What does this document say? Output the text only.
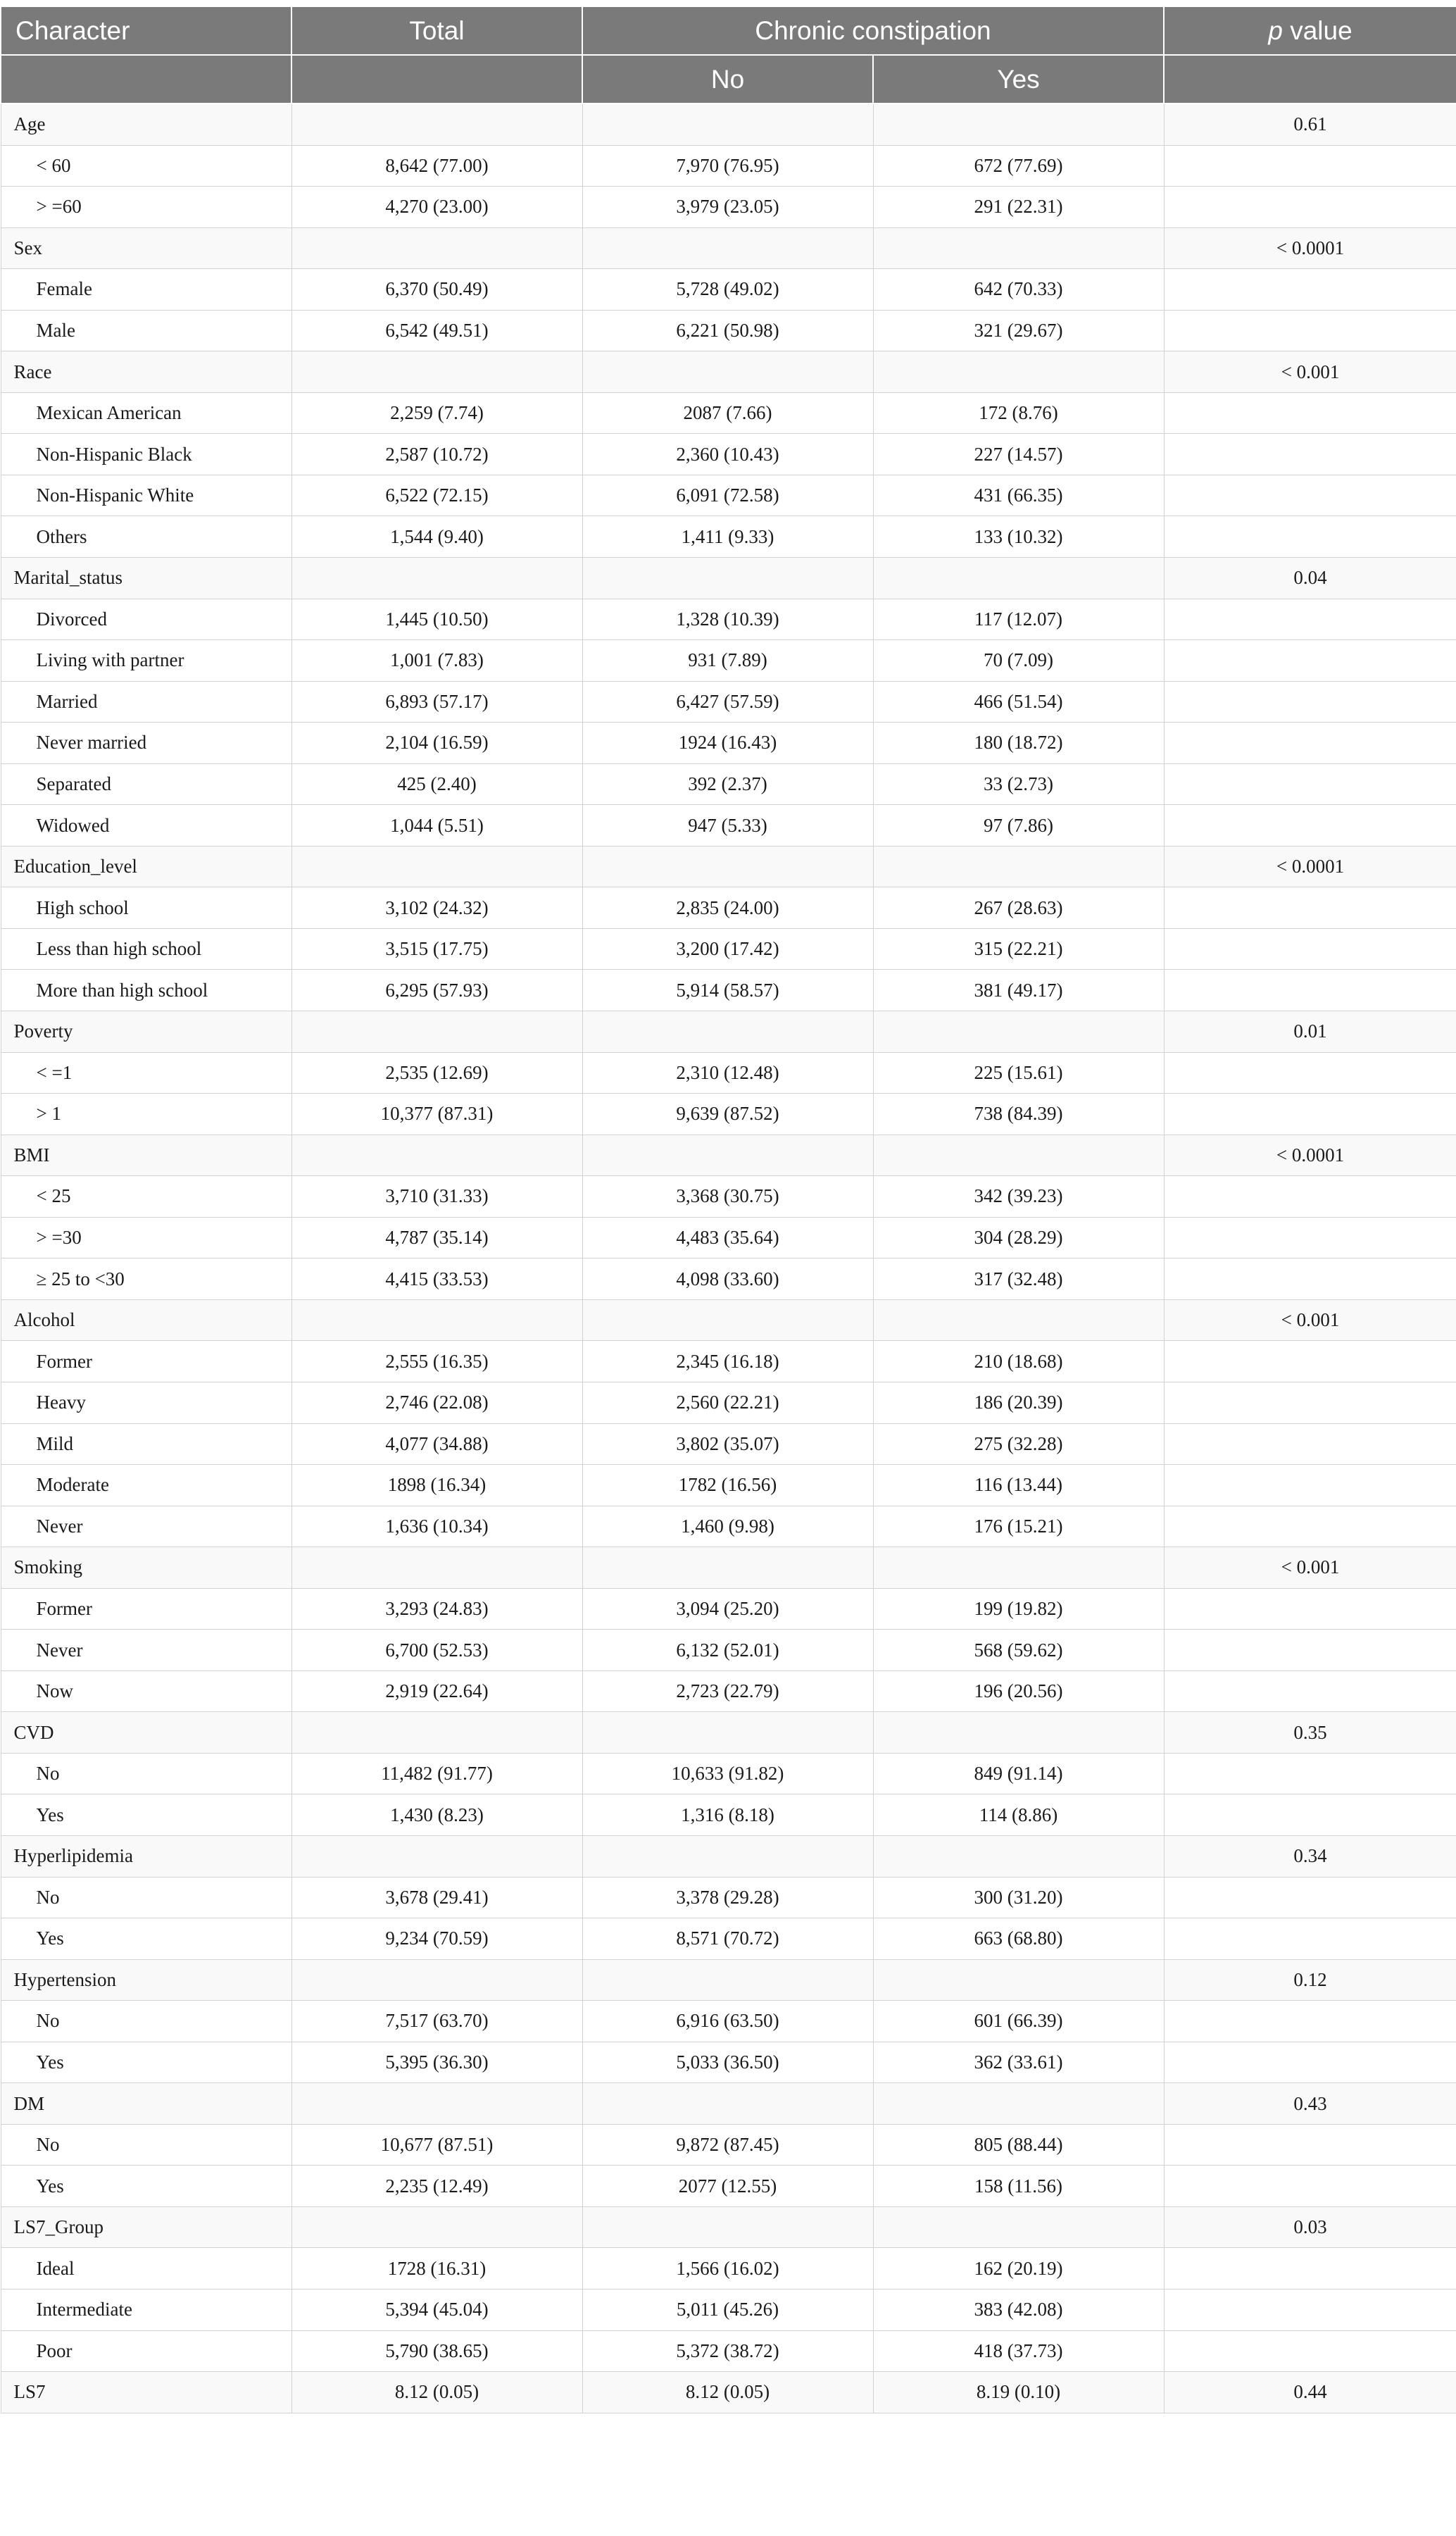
Character	Total	Chronic constipation		p value
		No	Yes	
Age				0.61
< 60	8,642 (77.00)	7,970 (76.95)	672 (77.69)	
> =60	4,270 (23.00)	3,979 (23.05)	291 (22.31)	
Sex				< 0.0001
Female	6,370 (50.49)	5,728 (49.02)	642 (70.33)	
Male	6,542 (49.51)	6,221 (50.98)	321 (29.67)	
Race				< 0.001
Mexican American	2,259 (7.74)	2087 (7.66)	172 (8.76)	
Non-Hispanic Black	2,587 (10.72)	2,360 (10.43)	227 (14.57)	
Non-Hispanic White	6,522 (72.15)	6,091 (72.58)	431 (66.35)	
Others	1,544 (9.40)	1,411 (9.33)	133 (10.32)	
Marital_status				0.04
Divorced	1,445 (10.50)	1,328 (10.39)	117 (12.07)	
Living with partner	1,001 (7.83)	931 (7.89)	70 (7.09)	
Married	6,893 (57.17)	6,427 (57.59)	466 (51.54)	
Never married	2,104 (16.59)	1924 (16.43)	180 (18.72)	
Separated	425 (2.40)	392 (2.37)	33 (2.73)	
Widowed	1,044 (5.51)	947 (5.33)	97 (7.86)	
Education_level				< 0.0001
High school	3,102 (24.32)	2,835 (24.00)	267 (28.63)	
Less than high school	3,515 (17.75)	3,200 (17.42)	315 (22.21)	
More than high school	6,295 (57.93)	5,914 (58.57)	381 (49.17)	
Poverty				0.01
< =1	2,535 (12.69)	2,310 (12.48)	225 (15.61)	
> 1	10,377 (87.31)	9,639 (87.52)	738 (84.39)	
BMI				< 0.0001
< 25	3,710 (31.33)	3,368 (30.75)	342 (39.23)	
> =30	4,787 (35.14)	4,483 (35.64)	304 (28.29)	
≥ 25 to <30	4,415 (33.53)	4,098 (33.60)	317 (32.48)	
Alcohol				< 0.001
Former	2,555 (16.35)	2,345 (16.18)	210 (18.68)	
Heavy	2,746 (22.08)	2,560 (22.21)	186 (20.39)	
Mild	4,077 (34.88)	3,802 (35.07)	275 (32.28)	
Moderate	1898 (16.34)	1782 (16.56)	116 (13.44)	
Never	1,636 (10.34)	1,460 (9.98)	176 (15.21)	
Smoking				< 0.001
Former	3,293 (24.83)	3,094 (25.20)	199 (19.82)	
Never	6,700 (52.53)	6,132 (52.01)	568 (59.62)	
Now	2,919 (22.64)	2,723 (22.79)	196 (20.56)	
CVD				0.35
No	11,482 (91.77)	10,633 (91.82)	849 (91.14)	
Yes	1,430 (8.23)	1,316 (8.18)	114 (8.86)	
Hyperlipidemia				0.34
No	3,678 (29.41)	3,378 (29.28)	300 (31.20)	
Yes	9,234 (70.59)	8,571 (70.72)	663 (68.80)	
Hypertension				0.12
No	7,517 (63.70)	6,916 (63.50)	601 (66.39)	
Yes	5,395 (36.30)	5,033 (36.50)	362 (33.61)	
DM				0.43
No	10,677 (87.51)	9,872 (87.45)	805 (88.44)	
Yes	2,235 (12.49)	2077 (12.55)	158 (11.56)	
LS7_Group				0.03
Ideal	1728 (16.31)	1,566 (16.02)	162 (20.19)	
Intermediate	5,394 (45.04)	5,011 (45.26)	383 (42.08)	
Poor	5,790 (38.65)	5,372 (38.72)	418 (37.73)	
LS7	8.12 (0.05)	8.12 (0.05)	8.19 (0.10)	0.44
